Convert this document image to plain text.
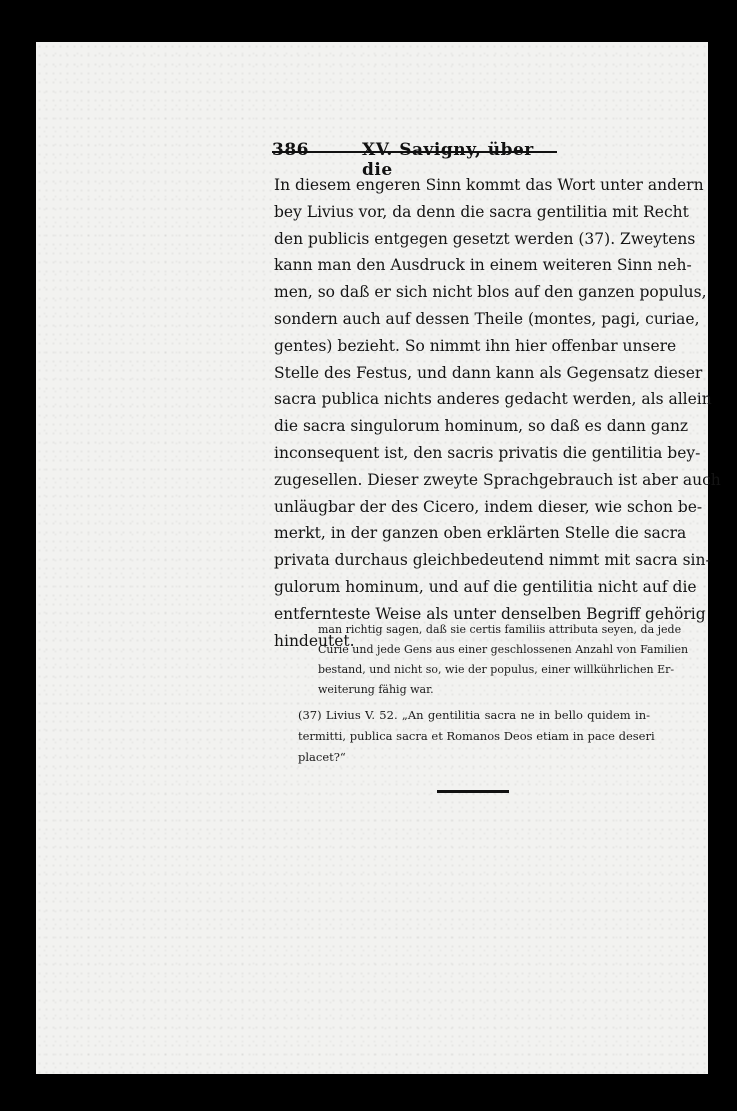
386	XV. Savigny, über die
In diesem engeren Sinn kommt das Wort unter andern
bey Livius vor, da denn die sacra gentilitia mit Recht
den publicis entgegen gesetzt werden (37). Zweytens
kann man den Ausdruck in einem weiteren Sinn neh-
men, so daß er sich nicht blos auf den ganzen populus,
sondern auch auf dessen Theile (montes, pagi, curiae,
gentes) bezieht. So nimmt ihn hier offenbar unsere
Stelle des Festus, und dann kann als Gegensatz dieser
sacra publica nichts anderes gedacht werden, als allein
die sacra singulorum hominum, so daß es dann ganz
inconsequent ist, den sacris privatis die gentilitia bey-
zugesellen. Dieser zweyte Sprachgebrauch ist aber auch
unläugbar der des Cicero, indem dieser, wie schon be-
merkt, in der ganzen oben erklärten Stelle die sacra
privata durchaus gleichbedeutend nimmt mit sacra sin-
gulorum hominum, und auf die gentilitia nicht auf die
entfernteste Weise als unter denselben Begriff gehörig
hindeutet.
man richtig sagen, daß sie certis familiis attributa seyen, da jede
Curie und jede Gens aus einer geschlossenen Anzahl von Familien
bestand, und nicht so, wie der populus, einer willkührlichen Er-
weiterung fähig war.
(37) Livius V. 52. „An gentilitia sacra ne in bello quidem in-
termitti, publica sacra et Romanos Deos etiam in pace deseri
placet?“
